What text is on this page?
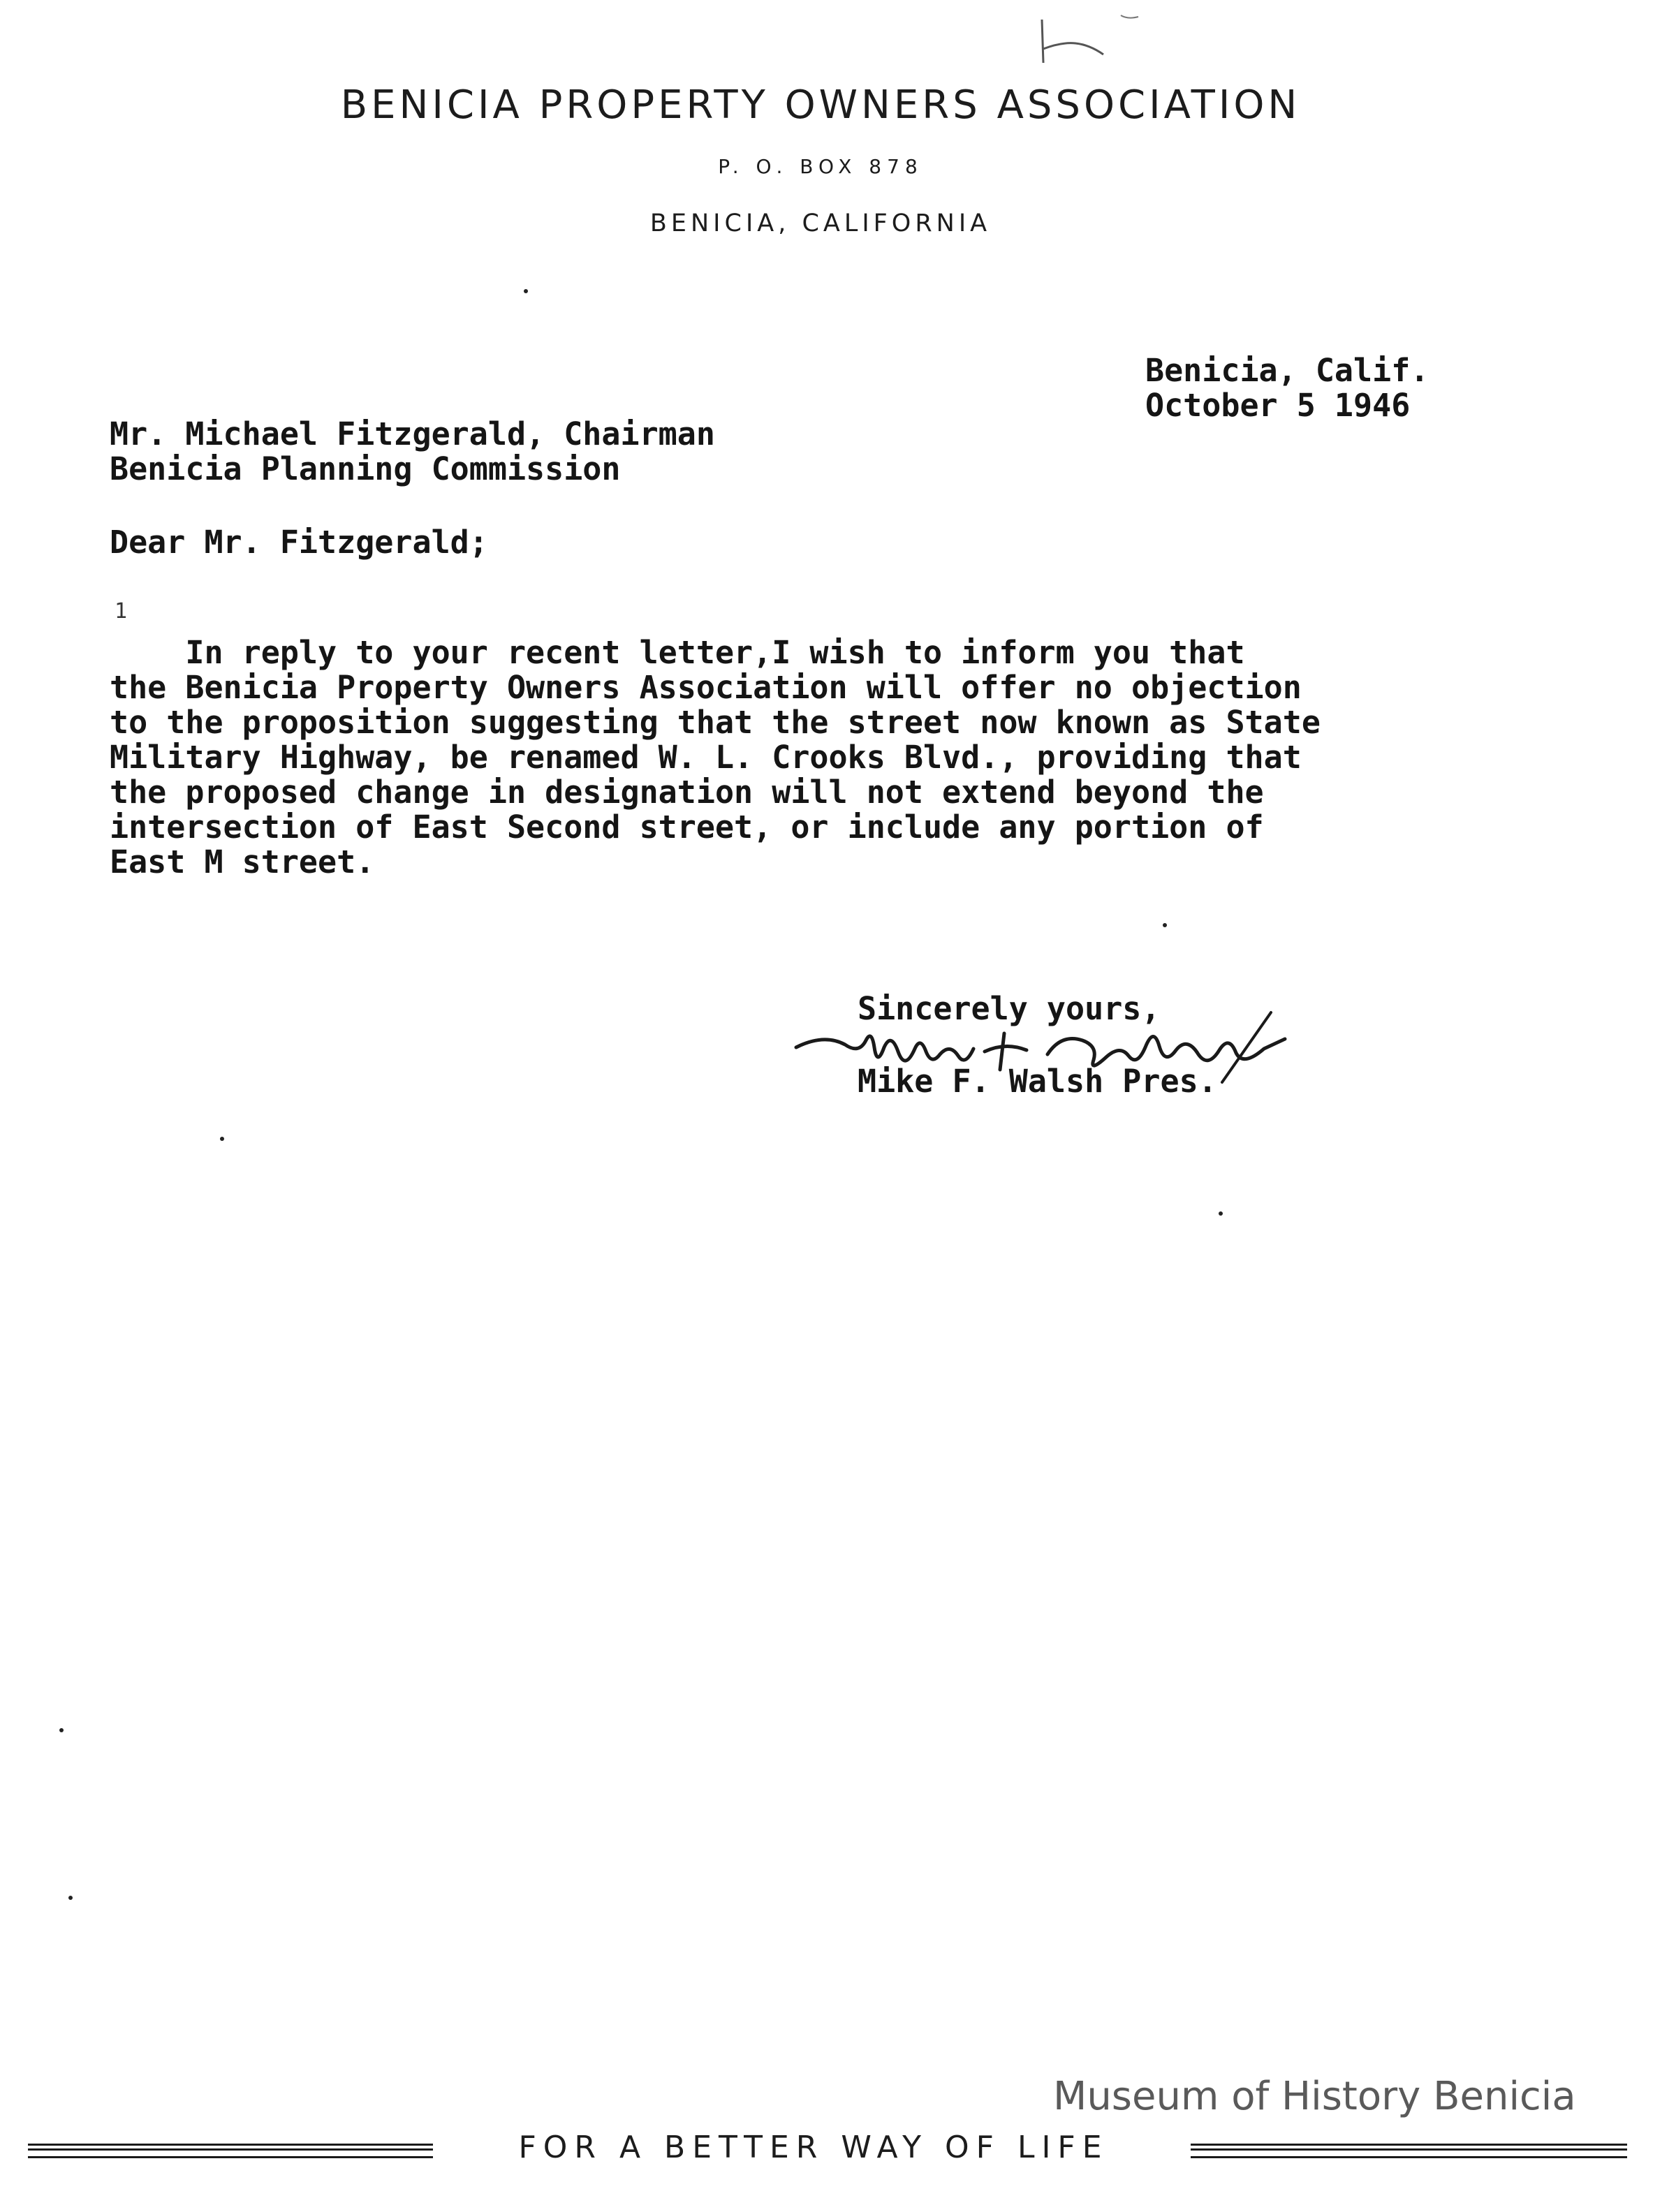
BENICIA PROPERTY OWNERS ASSOCIATION
P. O. BOX 878
BENICIA, CALIFORNIA
Benicia, Calif.
October 5 1946
Mr. Michael Fitzgerald, Chairman
Benicia Planning Commission
Dear Mr. Fitzgerald;
1
In reply to your recent letter,I wish to inform you that
the Benicia Property Owners Association will offer no objection
to the proposition suggesting that the street now known as State
Military Highway, be renamed W. L. Crooks Blvd., providing that
the proposed change in designation will not extend beyond the
intersection of East Second street, or include any portion of
East M street.
Sincerely yours,
Mike F. Walsh Pres.
FOR A BETTER WAY OF LIFE
Museum of History Benicia
